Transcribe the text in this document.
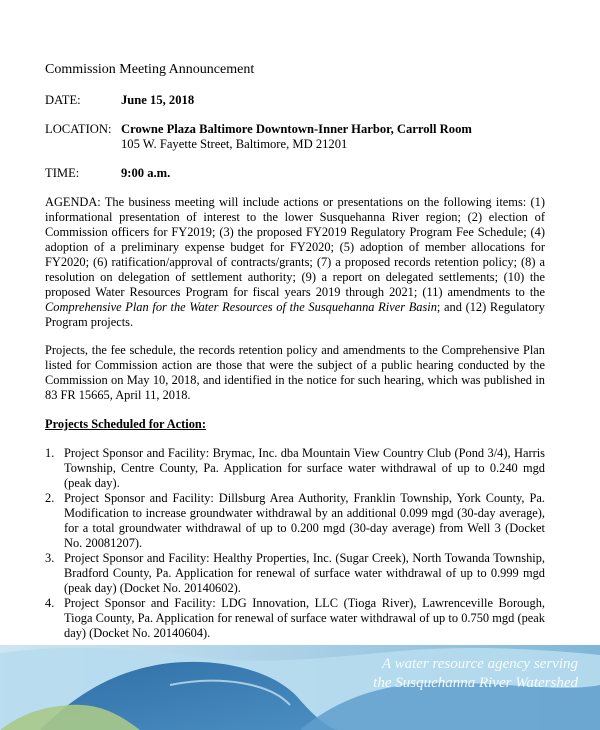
Commission Meeting Announcement
DATE:	June 15, 2018
LOCATION: Crowne Plaza Baltimore Downtown-Inner Harbor, Carroll Room
105 W. Fayette Street, Baltimore, MD 21201
TIME:	9:00 a.m.
AGENDA: The business meeting will include actions or presentations on the following items: (1) informational presentation of interest to the lower Susquehanna River region; (2) election of Commission officers for FY2019; (3) the proposed FY2019 Regulatory Program Fee Schedule; (4) adoption of a preliminary expense budget for FY2020; (5) adoption of member allocations for FY2020; (6) ratification/approval of contracts/grants; (7) a proposed records retention policy; (8) a resolution on delegation of settlement authority; (9) a report on delegated settlements; (10) the proposed Water Resources Program for fiscal years 2019 through 2021; (11) amendments to the Comprehensive Plan for the Water Resources of the Susquehanna River Basin; and (12) Regulatory Program projects.
Projects, the fee schedule, the records retention policy and amendments to the Comprehensive Plan listed for Commission action are those that were the subject of a public hearing conducted by the Commission on May 10, 2018, and identified in the notice for such hearing, which was published in 83 FR 15665, April 11, 2018.
Projects Scheduled for Action:
1. Project Sponsor and Facility: Brymac, Inc. dba Mountain View Country Club (Pond 3/4), Harris Township, Centre County, Pa. Application for surface water withdrawal of up to 0.240 mgd (peak day).
2. Project Sponsor and Facility: Dillsburg Area Authority, Franklin Township, York County, Pa. Modification to increase groundwater withdrawal by an additional 0.099 mgd (30-day average), for a total groundwater withdrawal of up to 0.200 mgd (30-day average) from Well 3 (Docket No. 20081207).
3. Project Sponsor and Facility: Healthy Properties, Inc. (Sugar Creek), North Towanda Township, Bradford County, Pa. Application for renewal of surface water withdrawal of up to 0.999 mgd (peak day) (Docket No. 20140602).
4. Project Sponsor and Facility: LDG Innovation, LLC (Tioga River), Lawrenceville Borough, Tioga County, Pa. Application for renewal of surface water withdrawal of up to 0.750 mgd (peak day) (Docket No. 20140604).
A water resource agency serving
the Susquehanna River Watershed
